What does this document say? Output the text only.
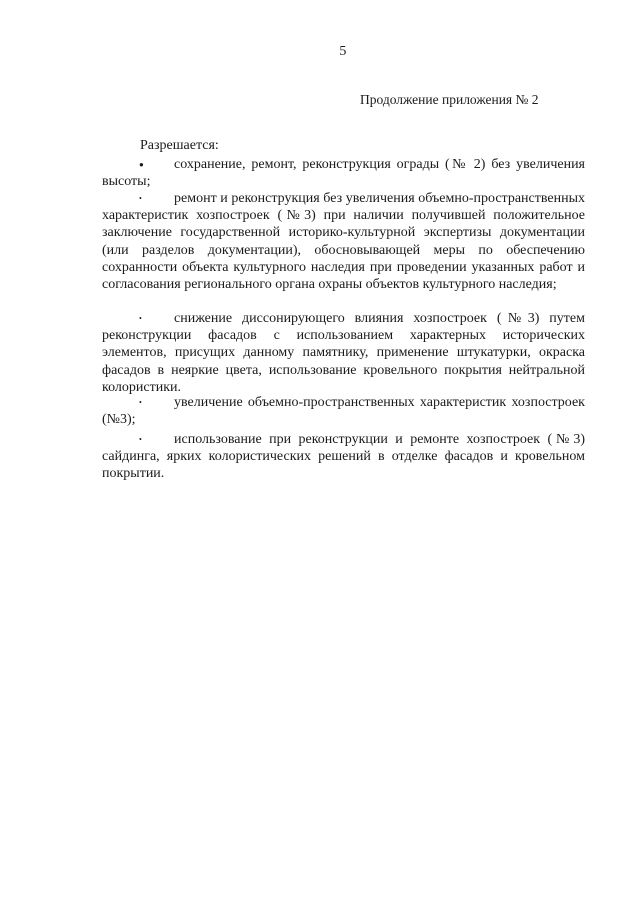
5
Продолжение приложения № 2
Разрешается:
● сохранение, ремонт, реконструкция ограды (№ 2) без увеличения высоты;
• ремонт и реконструкция без увеличения объемно-пространственных характеристик хозпостроек (№3) при наличии получившей положительное заключение государственной историко-культурной экспертизы документации (или разделов документации), обосновывающей меры по обеспечению сохранности объекта культурного наследия при проведении указанных работ и согласования регионального органа охраны объектов культурного наследия;
• снижение диссонирующего влияния хозпостроек (№3) путем реконструкции фасадов с использованием характерных исторических элементов, присущих данному памятнику, применение штукатурки, окраска фасадов в неяркие цвета, использование кровельного покрытия нейтральной колористики.
• увеличение объемно-пространственных характеристик хозпостроек (№3);
• использование при реконструкции и ремонте хозпостроек (№3) сайдинга, ярких колористических решений в отделке фасадов и кровельном покрытии.
